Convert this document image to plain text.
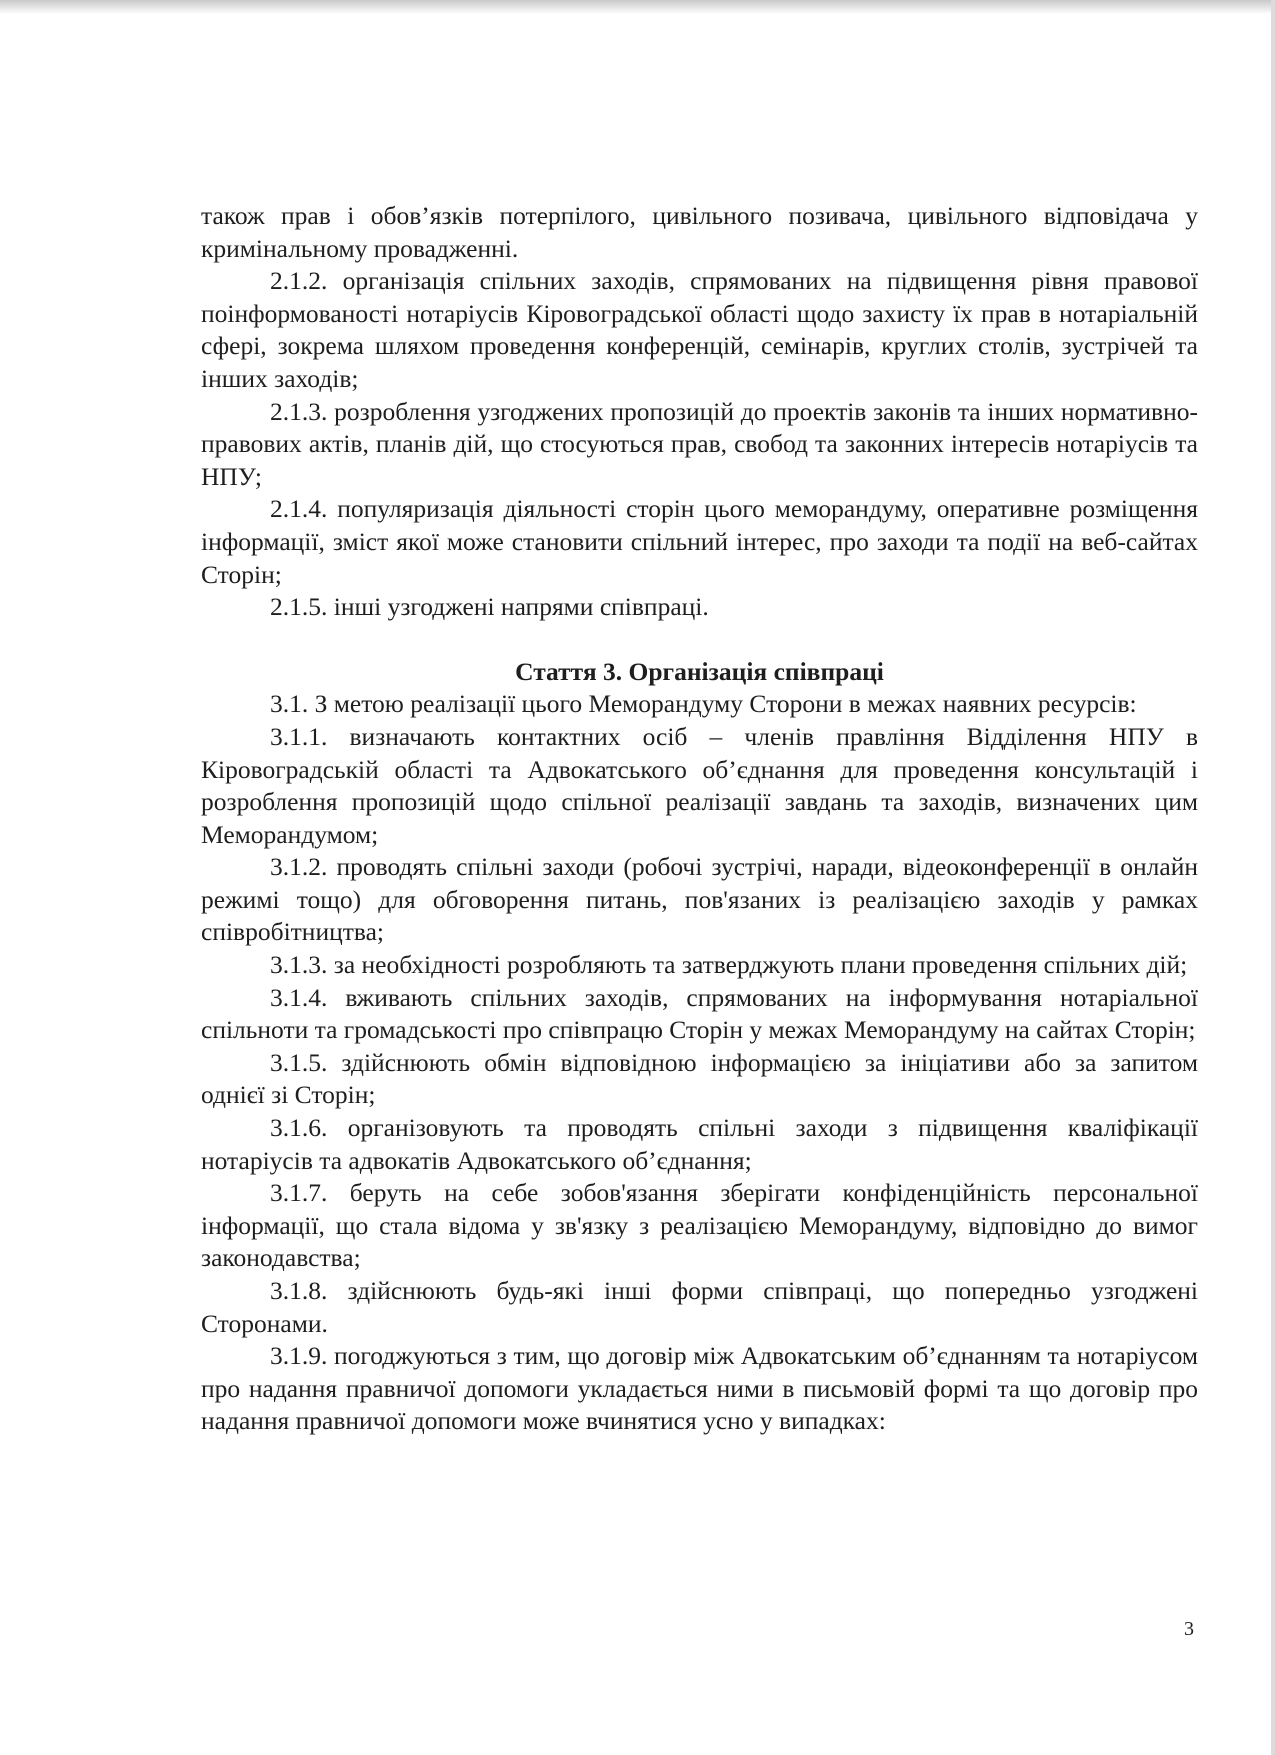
також прав і обов’язків потерпілого, цивільного позивача, цивільного відповідача у кримінальному провадженні.

2.1.2. організація спільних заходів, спрямованих на підвищення рівня правової поінформованості нотаріусів Кіровоградської області щодо захисту їх прав в нотаріальній сфері, зокрема шляхом проведення конференцій, семінарів, круглих столів, зустрічей та інших заходів;

2.1.3. розроблення узгоджених пропозицій до проектів законів та інших нормативно-правових актів, планів дій, що стосуються прав, свобод та законних інтересів нотаріусів та НПУ;

2.1.4. популяризація діяльності сторін цього меморандуму, оперативне розміщення інформації, зміст якої може становити спільний інтерес, про заходи та події на веб-сайтах Сторін;

2.1.5. інші узгоджені напрями співпраці.

Стаття 3. Організація співпраці

3.1. З метою реалізації цього Меморандуму Сторони в межах наявних ресурсів:

3.1.1. визначають контактних осіб – членів правління Відділення НПУ в Кіровоградській області та Адвокатського об’єднання для проведення консультацій і розроблення пропозицій щодо спільної реалізації завдань та заходів, визначених цим Меморандумом;

3.1.2. проводять спільні заходи (робочі зустрічі, наради, відеоконференції в онлайн режимі тощо) для обговорення питань, пов'язаних із реалізацією заходів у рамках співробітництва;

3.1.3. за необхідності розробляють та затверджують плани проведення спільних дій;

3.1.4. вживають спільних заходів, спрямованих на інформування нотаріальної спільноти та громадськості про співпрацю Сторін у межах Меморандуму на сайтах Сторін;

3.1.5. здійснюють обмін відповідною інформацією за ініціативи або за запитом однієї зі Сторін;

3.1.6. організовують та проводять спільні заходи з підвищення кваліфікації нотаріусів та адвокатів Адвокатського об’єднання;

3.1.7. беруть на себе зобов'язання зберігати конфіденційність персональної інформації, що стала відома у зв'язку з реалізацією Меморандуму, відповідно до вимог законодавства;

3.1.8. здійснюють будь-які інші форми співпраці, що попередньо узгоджені Сторонами.

3.1.9. погоджуються з тим, що договір між Адвокатським об’єднанням та нотаріусом про надання правничої допомоги укладається ними в письмовій формі та що договір про надання правничої допомоги може вчинятися усно у випадках:

3
